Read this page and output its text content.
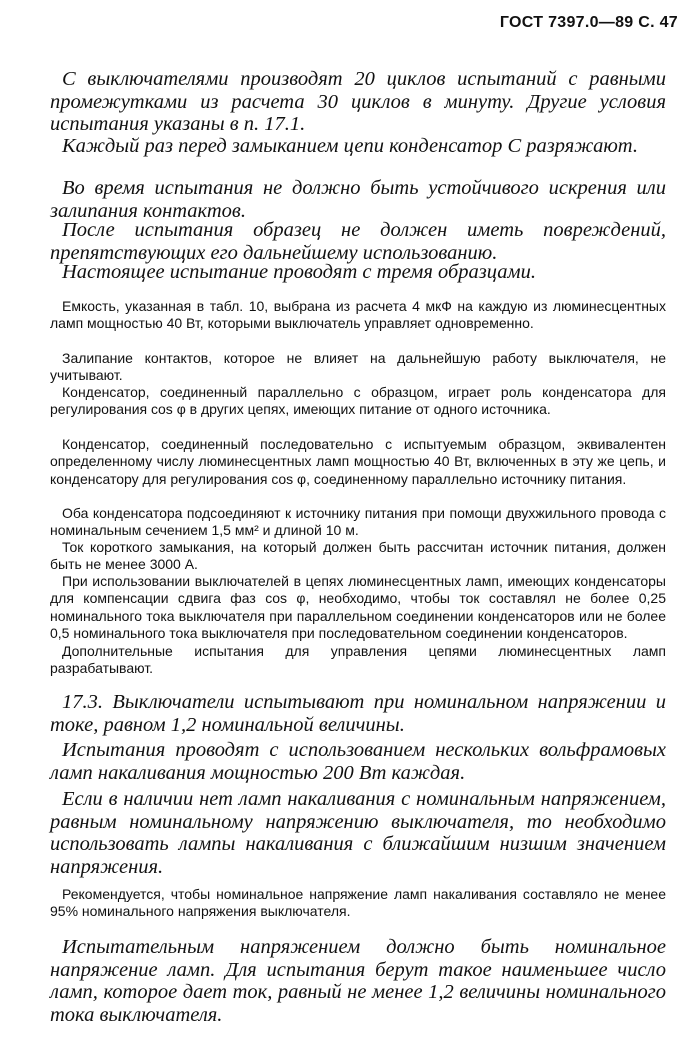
ГОСТ 7397.0—89 С. 47

С выключателями производят 20 циклов испытаний с равными промежутками из расчета 30 циклов в минуту. Другие условия испытания указаны в п. 17.1.

Каждый раз перед замыканием цепи конденсатор С разряжают.

Во время испытания не должно быть устойчивого искрения или залипания контактов.

После испытания образец не должен иметь повреждений, препятствующих его дальнейшему использованию.

Настоящее испытание проводят с тремя образцами.

Емкость, указанная в табл. 10, выбрана из расчета 4 мкФ на каждую из люминесцентных ламп мощностью 40 Вт, которыми выключатель управляет одновременно.

Залипание контактов, которое не влияет на дальнейшую работу выключателя, не учитывают.

Конденсатор, соединенный параллельно с образцом, играет роль конденсатора для регулирования cos φ в других цепях, имеющих питание от одного источника.

Конденсатор, соединенный последовательно с испытуемым образцом, эквивалентен определенному числу люминесцентных ламп мощностью 40 Вт, включенных в эту же цепь, и конденсатору для регулирования cos φ, соединенному параллельно источнику питания.

Оба конденсатора подсоединяют к источнику питания при помощи двухжильного провода с номинальным сечением 1,5 мм² и длиной 10 м.

Ток короткого замыкания, на который должен быть рассчитан источник питания, должен быть не менее 3000 А.

При использовании выключателей в цепях люминесцентных ламп, имеющих конденсаторы для компенсации сдвига фаз cos φ, необходимо, чтобы ток составлял не более 0,25 номинального тока выключателя при параллельном соединении конденсаторов или не более 0,5 номинального тока выключателя при последовательном соединении конденсаторов.

Дополнительные испытания для управления цепями люминесцентных ламп разрабатывают.

17.3. Выключатели испытывают при номинальном напряжении и токе, равном 1,2 номинальной величины.

Испытания проводят с использованием нескольких вольфрамовых ламп накаливания мощностью 200 Вт каждая.

Если в наличии нет ламп накаливания с номинальным напряжением, равным номинальному напряжению выключателя, то необходимо использовать лампы накаливания с ближайшим низшим значением напряжения.

Рекомендуется, чтобы номинальное напряжение ламп накаливания составляло не менее 95% номинального напряжения выключателя.

Испытательным напряжением должно быть номинальное напряжение ламп. Для испытания берут такое наименьшее число ламп, которое дает ток, равный не менее 1,2 величины номинального тока выключателя.
